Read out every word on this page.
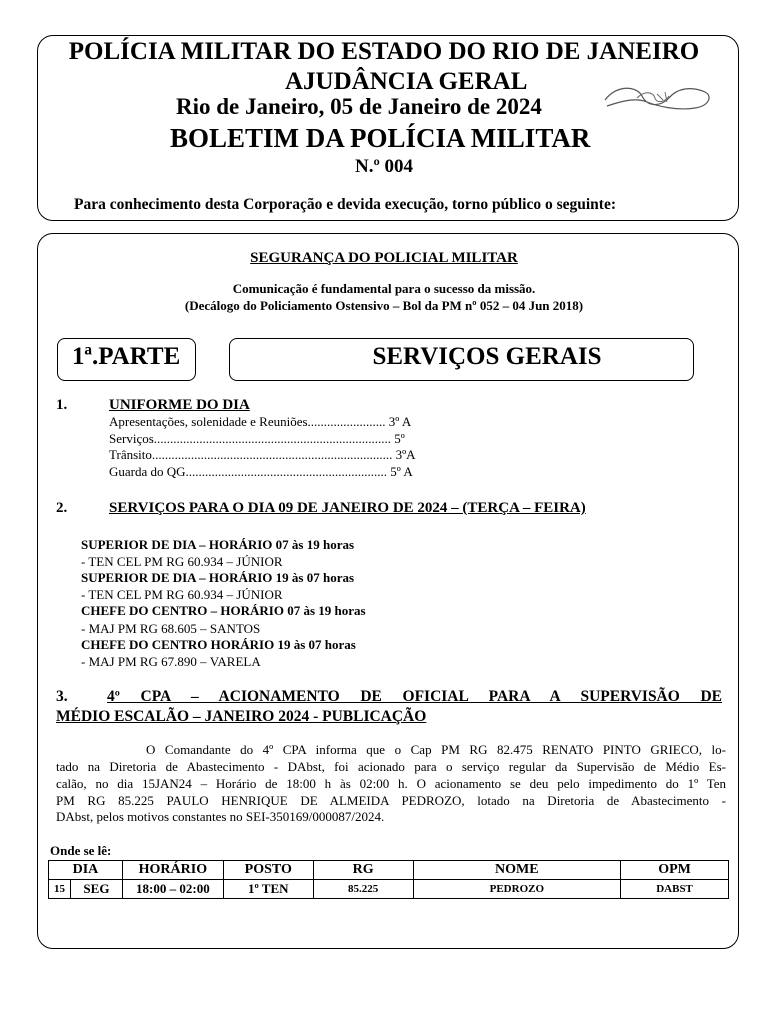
POLÍCIA MILITAR DO ESTADO DO RIO DE JANEIRO
AJUDÂNCIA GERAL
Rio de Janeiro, 05 de Janeiro de 2024
BOLETIM DA POLÍCIA MILITAR
N.º 004
Para conhecimento desta Corporação e devida execução, torno público o seguinte:
SEGURANÇA DO POLICIAL MILITAR
Comunicação é fundamental para o sucesso da missão.
(Decálogo do Policiamento Ostensivo – Bol da PM nº 052 – 04 Jun 2018)
1ª.PARTE	SERVIÇOS GERAIS
1.	UNIFORME DO DIA
Apresentações, solenidade e Reuniões........................ 3º A
Serviços......................................................................... 5º
Trânsito.......................................................................... 3ºA
Guarda do QG.............................................................. 5º A
2.	SERVIÇOS PARA O DIA 09 DE JANEIRO DE 2024 – (TERÇA – FEIRA)
SUPERIOR DE DIA – HORÁRIO 07 às 19 horas
- TEN CEL PM RG 60.934 – JÚNIOR
SUPERIOR DE DIA – HORÁRIO 19 às 07 horas
- TEN CEL PM RG 60.934 – JÚNIOR
CHEFE DO CENTRO – HORÁRIO 07 às 19 horas
- MAJ PM RG 68.605 – SANTOS
CHEFE DO CENTRO HORÁRIO 19 às 07 horas
- MAJ PM RG 67.890 – VARELA
4º CPA – ACIONAMENTO DE OFICIAL PARA A SUPERVISÃO DE
3.
MÉDIO ESCALÃO – JANEIRO 2024 - PUBLICAÇÃO
O Comandante do 4º CPA informa que o Cap PM RG 82.475 RENATO PINTO GRIECO, lo-
tado na Diretoria de Abastecimento - DAbst, foi acionado para o serviço regular da Supervisão de Médio Es-
calão, no dia 15JAN24 – Horário de 18:00 h às 02:00 h. O acionamento se deu pelo impedimento do 1º Ten
PM RG 85.225 PAULO HENRIQUE DE ALMEIDA PEDROZO, lotado na Diretoria de Abastecimento -
DAbst, pelos motivos constantes no SEI-350169/000087/2024.
Onde se lê:
DIA		HORÁRIO	POSTO	RG	NOME	OPM
15	SEG	18:00 – 02:00	1º TEN	85.225	PEDROZO	DABST
